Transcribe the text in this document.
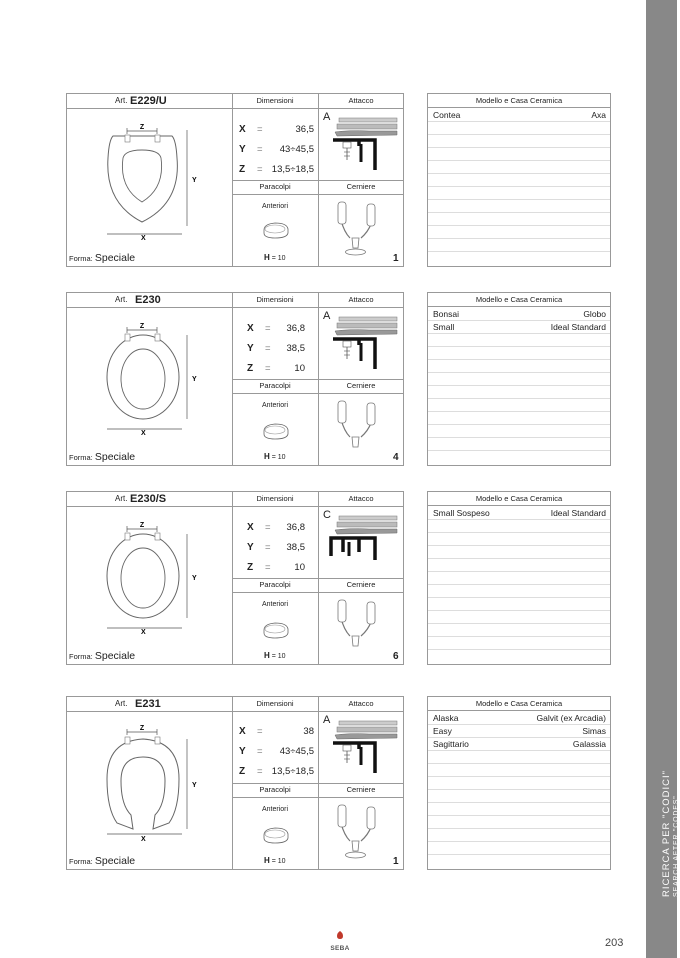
RICERCA PER "CODICI" SEARCH AFTER "CODES"
Art. E229/U	Dimensioni	Attacco
Z
Y
X
Forma: Speciale
X =	36,5
Y = 43÷45,5
Z = 13,5÷18,5
Paracolpi	Cerniere
Anteriori
H = 10
A
1
Modello e Casa Ceramica
Contea	Axa
Art. E230	Dimensioni	Attacco
Z
Y
X
Forma: Speciale
X = 36,8
Y = 38,5
Z =	10
Paracolpi	Cerniere
Anteriori
H = 10
A
4
Modello e Casa Ceramica
Bonsai	Globo
Small	Ideal Standard
Art. E230/S	Dimensioni	Attacco
Z
Y
X
Forma: Speciale
X = 36,8
Y = 38,5
Z =	10
Paracolpi	Cerniere
Anteriori
H = 10
C
6
Modello e Casa Ceramica
Small Sospeso	Ideal Standard
Art. E231	Dimensioni	Attacco
Z
Y
X
Forma: Speciale
X =	38
Y = 43÷45,5
Z = 13,5÷18,5
Paracolpi	Cerniere
Anteriori
H = 10
A
1
Modello e Casa Ceramica
Alaska	Galvit (ex Arcadia)
Easy	Simas
Sagittario	Galassia
SEBA	203
